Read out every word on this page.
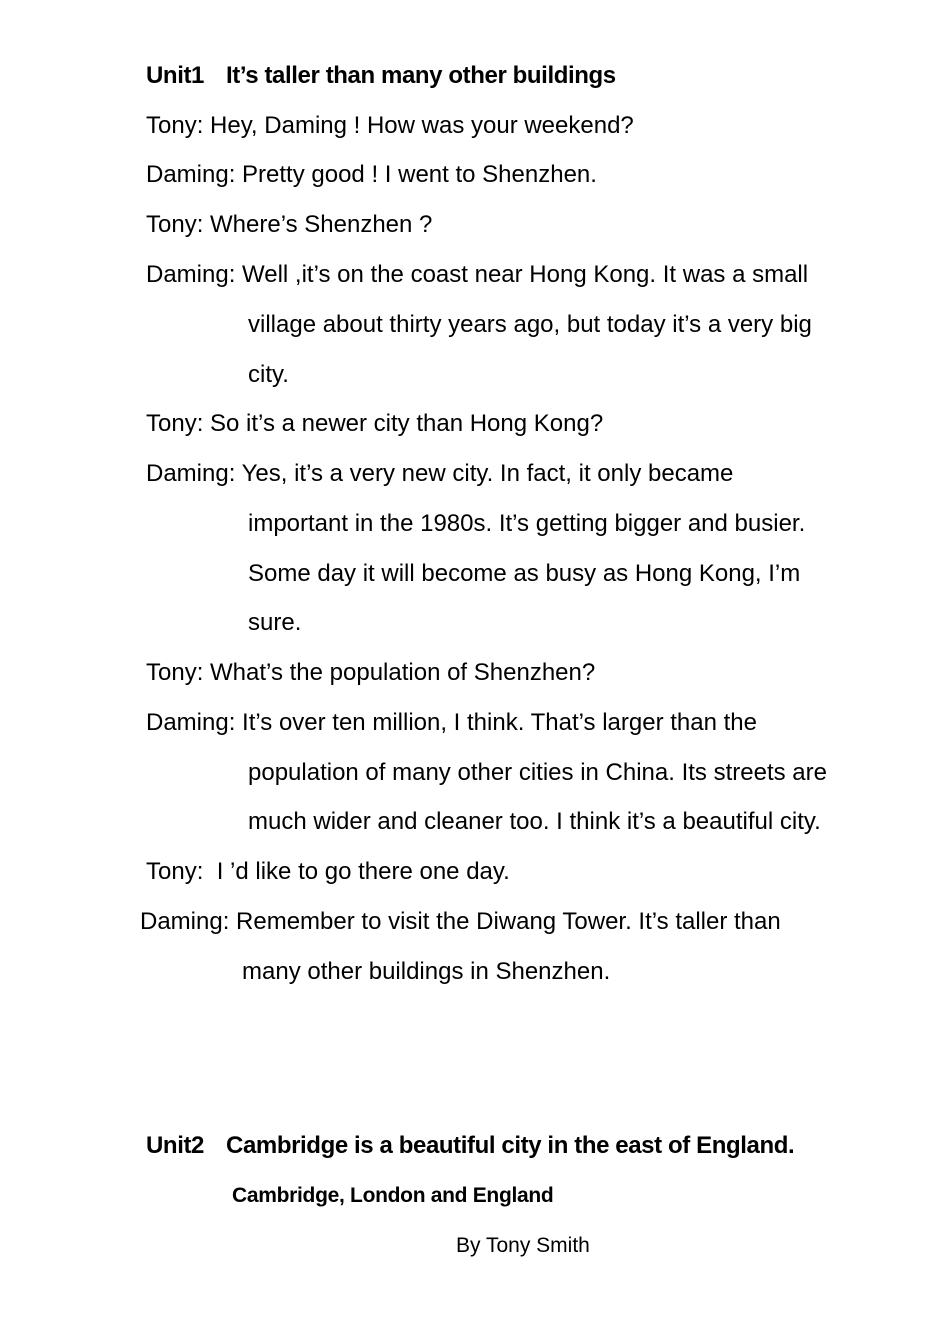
Unit1 It’s taller than many other buildings
Tony: Hey, Daming ! How was your weekend?
Daming: Pretty good ! I went to Shenzhen.
Tony: Where’s Shenzhen ?
Daming: Well ,it’s on the coast near Hong Kong. It was a small
village about thirty years ago, but today it’s a very big
city.
Tony: So it’s a newer city than Hong Kong?
Daming: Yes, it’s a very new city. In fact, it only became
important in the 1980s. It’s getting bigger and busier.
Some day it will become as busy as Hong Kong, I’m
sure.
Tony: What’s the population of Shenzhen?
Daming: It’s over ten million, I think. That’s larger than the
population of many other cities in China. Its streets are
much wider and cleaner too. I think it’s a beautiful city.
Tony:  I ’d like to go there one day.
Daming: Remember to visit the Diwang Tower. It’s taller than
many other buildings in Shenzhen.
Unit2 Cambridge is a beautiful city in the east of England.
Cambridge, London and England
By Tony Smith
